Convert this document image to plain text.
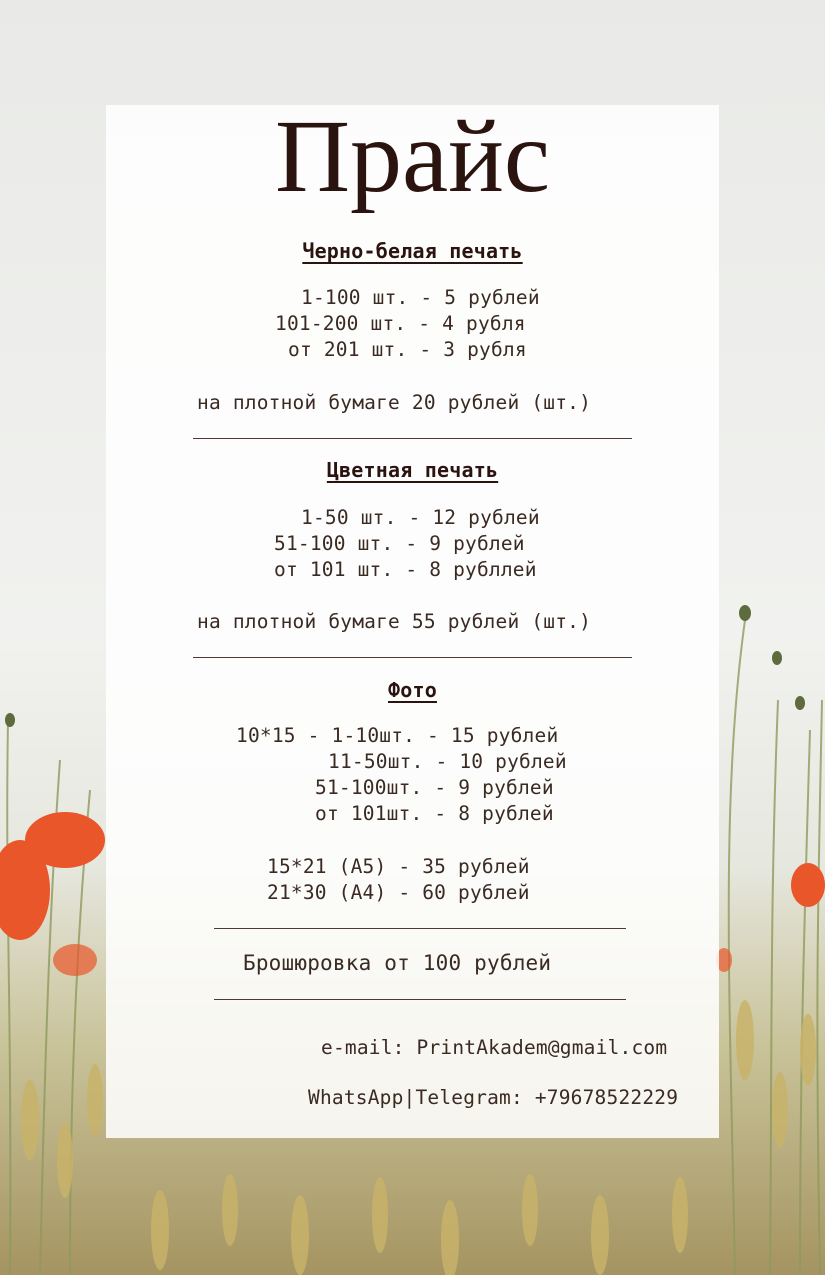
Прайс
Черно-белая печать
1-100 шт. - 5 рублей
101-200 шт. - 4 рубля
от 201 шт. - 3 рубля
на плотной бумаге 20 рублей (шт.)
Цветная печать
1-50 шт. - 12 рублей
51-100 шт. - 9 рублей
от 101 шт. - 8 рубллей
на плотной бумаге 55 рублей (шт.)
Фото
10*15 - 1-10шт. - 15 рублей
11-50шт. - 10 рублей
51-100шт. - 9 рублей
от 101шт. - 8 рублей
15*21 (А5) - 35 рублей
21*30 (А4) - 60 рублей
Брошюровка от 100 рублей
e-mail: PrintAkadem@gmail.com
WhatsApp|Telegram: +79678522229
